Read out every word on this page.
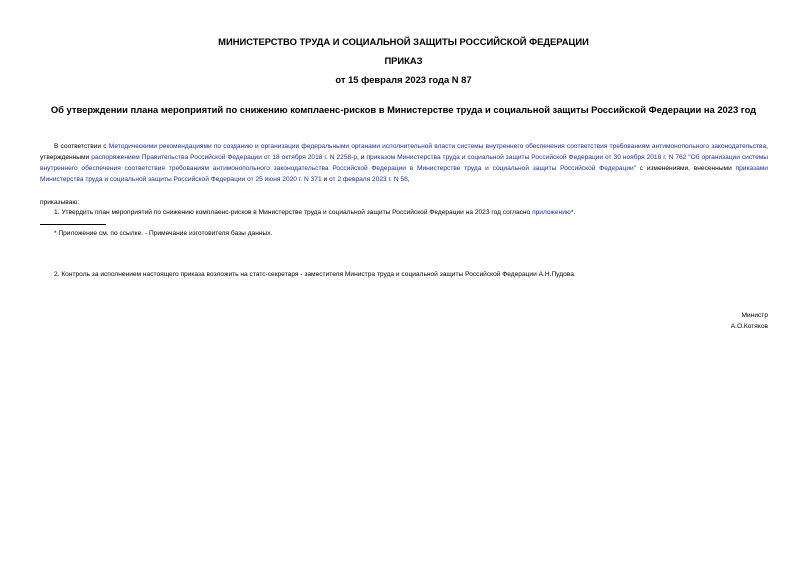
МИНИСТЕРСТВО ТРУДА И СОЦИАЛЬНОЙ ЗАЩИТЫ РОССИЙСКОЙ ФЕДЕРАЦИИ
ПРИКАЗ
от 15 февраля 2023 года N 87
Об утверждении плана мероприятий по снижению комплаенс-рисков в Министерстве труда и социальной защиты Российской Федерации на 2023 год
В соответствии с Методическими рекомендациями по созданию и организации федеральными органами исполнительной власти системы внутреннего обеспечения соответствия требованиям антимонопольного законодательства, утвержденными распоряжением Правительства Российской Федерации от 18 октября 2018 г. N 2258-р, и приказом Министерства труда и социальной защиты Российской Федерации от 30 ноября 2018 г. N 762 "Об организации системы внутреннего обеспечения соответствия требованиям антимонопольного законодательства Российской Федерации в Министерстве труда и социальной защиты Российской Федерации" с изменениями, внесенными приказами Министерства труда и социальной защиты Российской Федерации от 25 июня 2020 г. N 371 и от 2 февраля 2023 г. N 58,
приказываю:
1. Утвердить план мероприятий по снижению комплаенс-рисков в Министерстве труда и социальной защиты Российской Федерации на 2023 год согласно приложению*.
* Приложение см. по ссылке. - Примечание изготовителя базы данных.
2. Контроль за исполнением настоящего приказа возложить на статс-секретаря - заместителя Министра труда и социальной защиты Российской Федерации А.Н.Пудова.
Министр
А.О.Котяков
